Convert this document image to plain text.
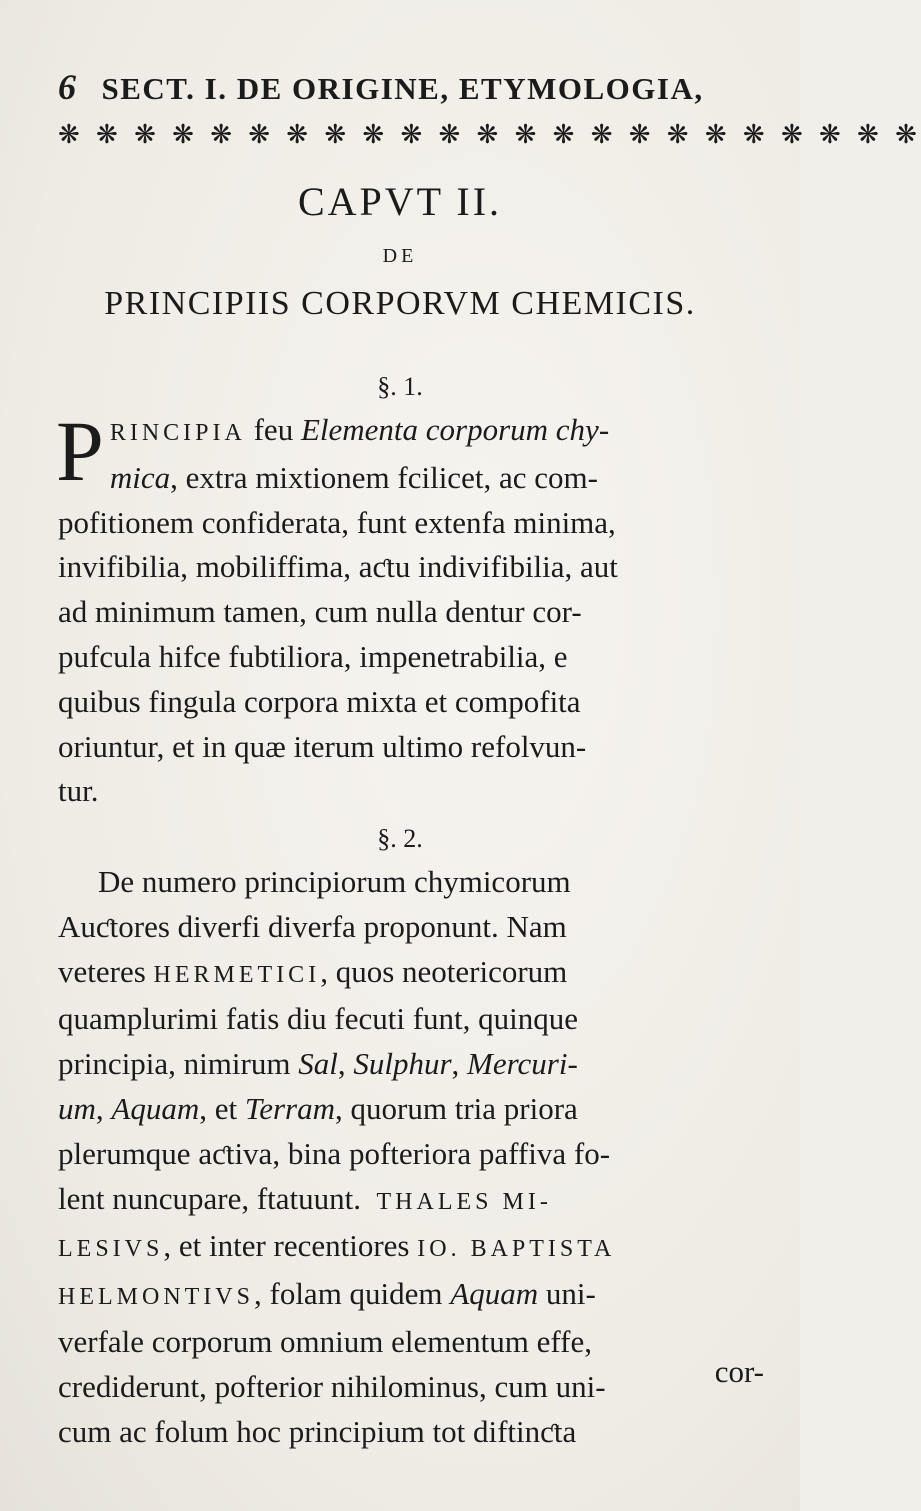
6 SECT. I. DE ORIGINE, ETYMOLOGIA,
❋ ❋ ❋ ❋ ❋ ❋ ❋ ❋ ❋ ❋ ❋ ❋ ❋ ❋ ❋ ❋ ❋ ❋ ❋ ❋ ❋ ❋ ❋
CAPVT II.
DE
PRINCIPIIS CORPORVM CHEMICIS.
§. 1.
P RINCIPIA feu Elementa corporum chy-
mica, extra mixtionem fcilicet, ac com-
pofitionem confiderata, funt extenfa minima,
invifibilia, mobiliffima, aƈtu indivifibilia, aut
ad minimum tamen, cum nulla dentur cor-
pufcula hifce fubtiliora, impenetrabilia, e
quibus fingula corpora mixta et compofita
oriuntur, et in quæ iterum ultimo refolvun-
tur.
§. 2.
De numero principiorum chymicorum
Auƈtores diverfi diverfa proponunt. Nam
veteres HERMETICI, quos neotericorum
quamplurimi fatis diu fecuti funt, quinque
principia, nimirum Sal, Sulphur, Mercuri-
um, Aquam, et Terram, quorum tria priora
plerumque aƈtiva, bina pofteriora paffiva fo-
lent nuncupare, ftatuunt. THALES MI-
LESIVS, et inter recentiores IO. BAPTISTA
HELMONTIVS, folam quidem Aquam uni-
verfale corporum omnium elementum effe,
crediderunt, pofterior nihilominus, cum uni-
cum ac folum hoc principium tot diftinƈta
cor-
